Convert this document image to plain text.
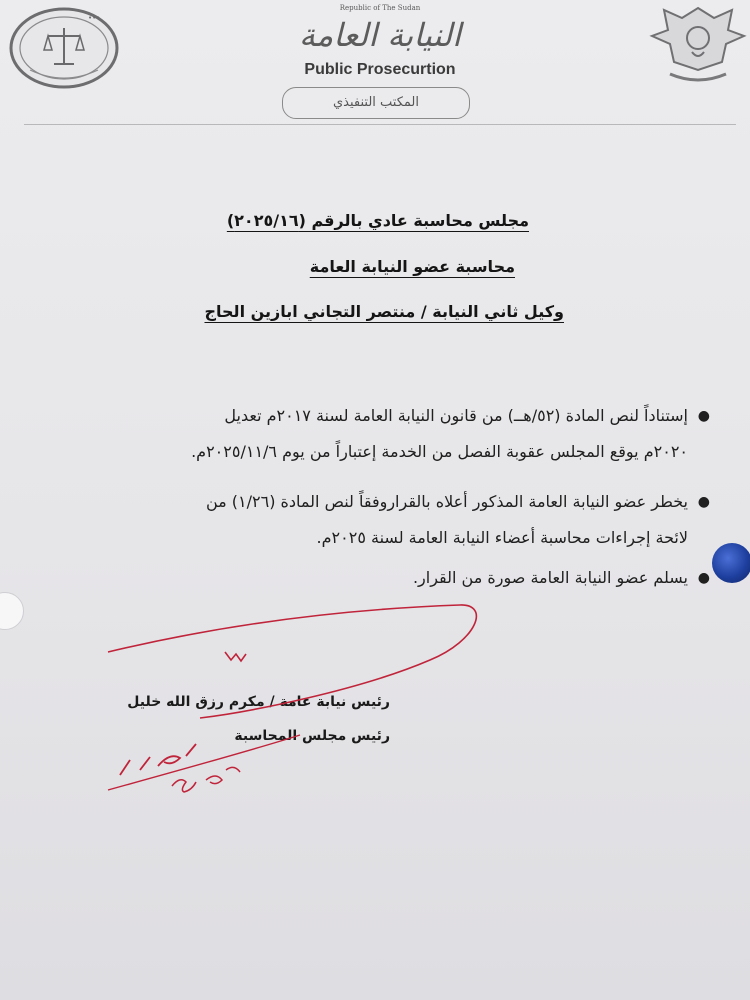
•••
Republic of The Sudan
النيابة العامة
Public Prosecurtion
المكتب التنفيذي
مجلس محاسبة عادي بالرقم (٢٠٢٥/١٦)
محاسبة عضو النيابة العامة
وكيل ثاني النيابة / منتصر التجاني ابازين الحاج
●

إستناداً لنص المادة (٥٢/هــ) من قانون النيابة العامة لسنة ٢٠١٧م تعديل

٢٠٢٠م يوقع المجلس عقوبة الفصل من الخدمة إعتباراً من يوم ٢٠٢٥/١١/٦م.

●

يخطر عضو النيابة العامة المذكور أعلاه بالقراروفقاً لنص المادة (١/٢٦) من

لائحة إجراءات محاسبة أعضاء النيابة العامة لسنة ٢٠٢٥م.

●

يسلم عضو النيابة العامة صورة من القرار.

رئيس نيابة عامة / مكرم رزق الله خليل
رئيس مجلس المحاسبة
